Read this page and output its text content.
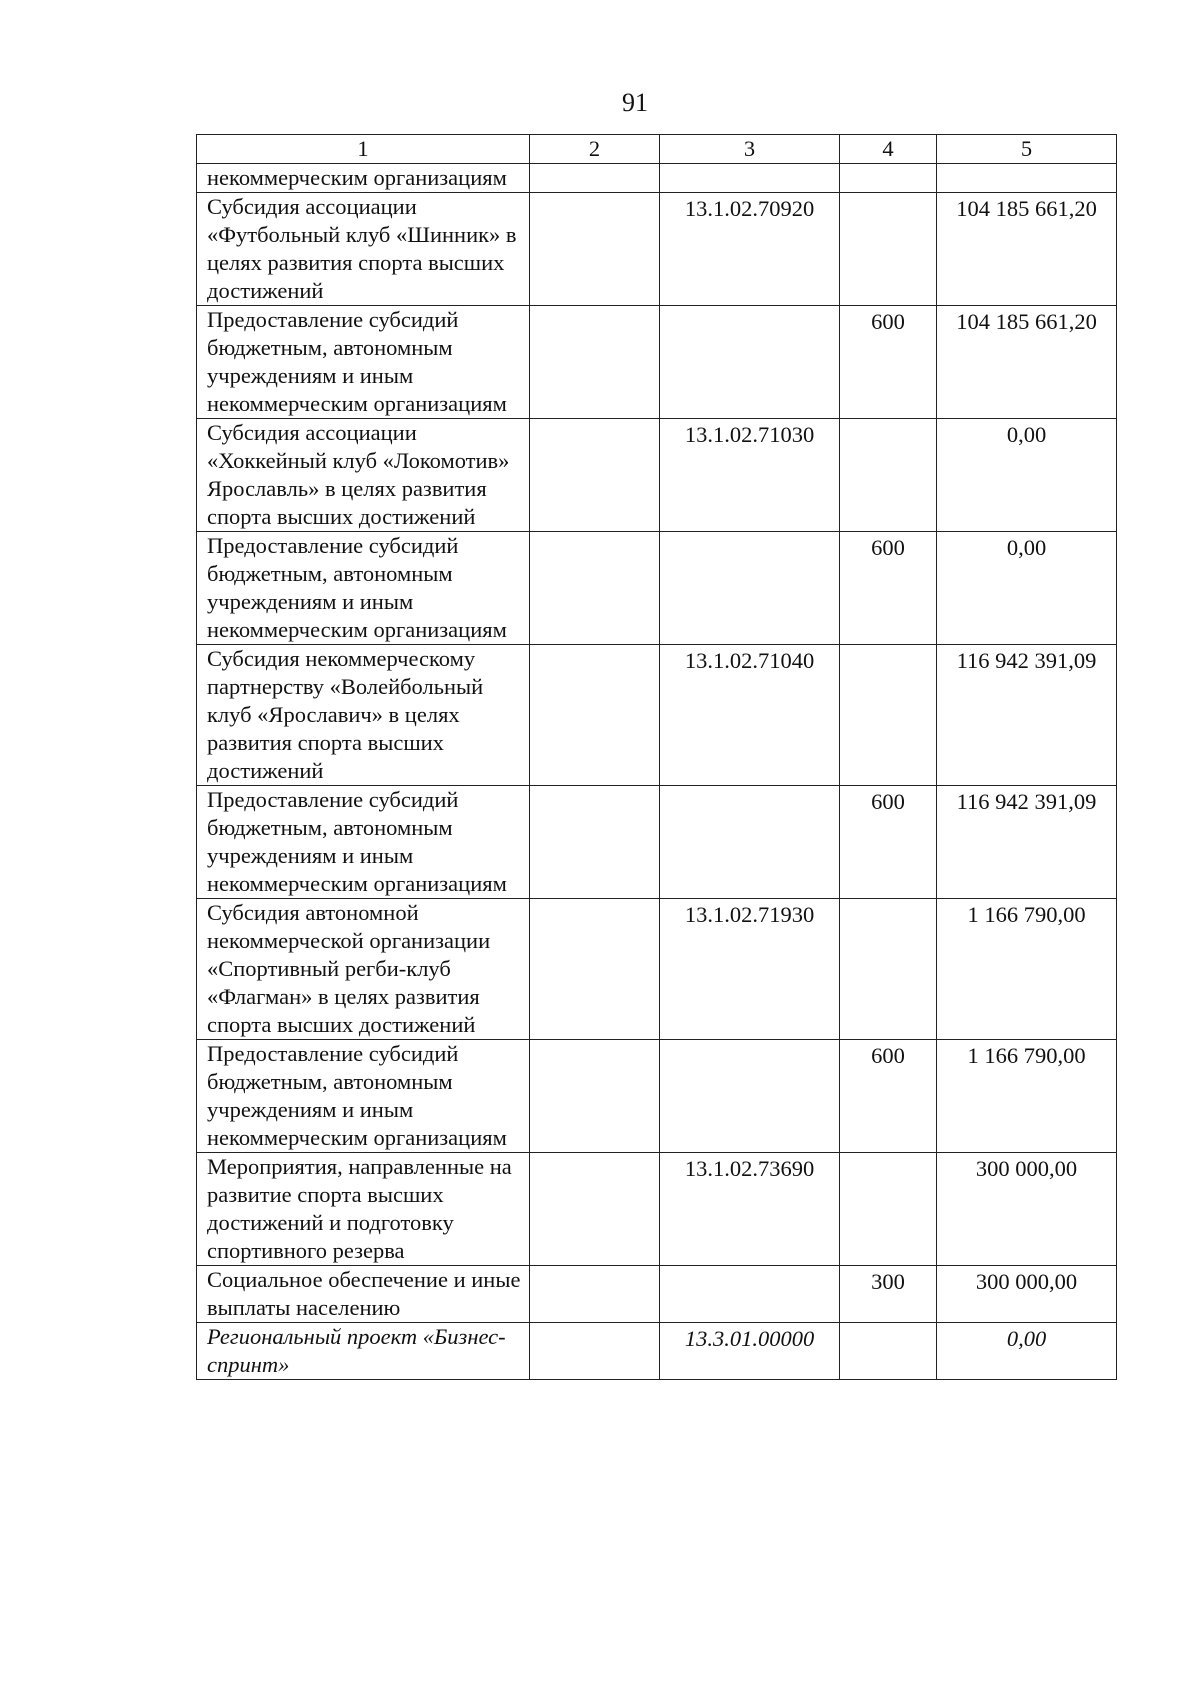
91
1	2	3	4	5
некоммерческим организациям				
Субсидия ассоциации «Футбольный клуб «Шинник» в целях развития спорта высших достижений		13.1.02.70920		104 185 661,20
Предоставление субсидий бюджетным, автономным учреждениям и иным некоммерческим организациям			600	104 185 661,20
Субсидия ассоциации «Хоккейный клуб «Локомотив» Ярославль» в целях развития спорта высших достижений		13.1.02.71030		0,00
Предоставление субсидий бюджетным, автономным учреждениям и иным некоммерческим организациям			600	0,00
Субсидия некоммерческому партнерству «Волейбольный клуб «Ярославич» в целях развития спорта высших достижений		13.1.02.71040		116 942 391,09
Предоставление субсидий бюджетным, автономным учреждениям и иным некоммерческим организациям			600	116 942 391,09
Субсидия автономной некоммерческой организации «Спортивный регби-клуб «Флагман» в целях развития спорта высших достижений		13.1.02.71930		1 166 790,00
Предоставление субсидий бюджетным, автономным учреждениям и иным некоммерческим организациям			600	1 166 790,00
Мероприятия, направленные на развитие спорта высших достижений и подготовку спортивного резерва		13.1.02.73690		300 000,00
Социальное обеспечение и иные выплаты населению			300	300 000,00
Региональный проект «Бизнес-спринт»		13.3.01.00000		0,00
